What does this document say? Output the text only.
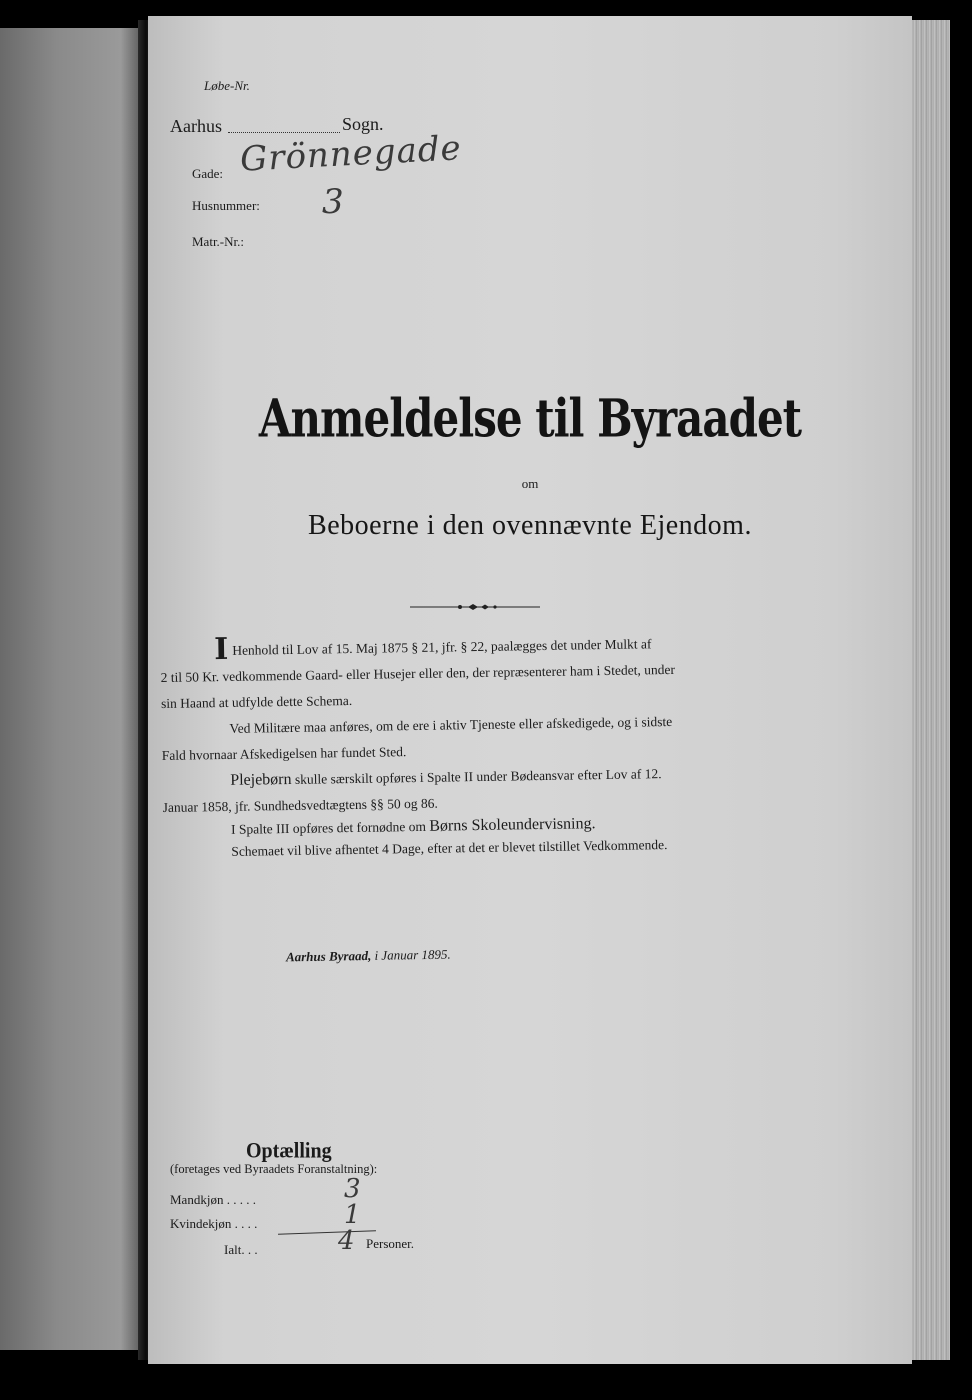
Løbe-Nr.
Aarhus	Sogn.
Gade: Grönnegade
Husnummer: 3
Matr.-Nr.:
Anmeldelse til Byraadet
om
Beboerne i den ovennævnte Ejendom.

I Henhold til Lov af 15. Maj 1875 § 21, jfr. § 22, paalægges det under Mulkt af

2 til 50 Kr. vedkommende Gaard- eller Husejer eller den, der repræsenterer ham i Stedet, under

sin Haand at udfylde dette Schema.

Ved Militære maa anføres, om de ere i aktiv Tjeneste eller afskedigede, og i sidste

Fald hvornaar Afskedigelsen har fundet Sted.

Plejebørn skulle særskilt opføres i Spalte II under Bødeansvar efter Lov af 12.

Januar 1858, jfr. Sundhedsvedtægtens §§ 50 og 86.

I Spalte III opføres det fornødne om Børns Skoleundervisning.

Schemaet vil blive afhentet 4 Dage, efter at det er blevet tilstillet Vedkommende.

Aarhus Byraad, i Januar 1895.
Optælling
(foretages ved Byraadets Foranstaltning):
Mandkjøn . . . . .	3
Kvindekjøn . . . .	1
Ialt. . .	4 Personer.
